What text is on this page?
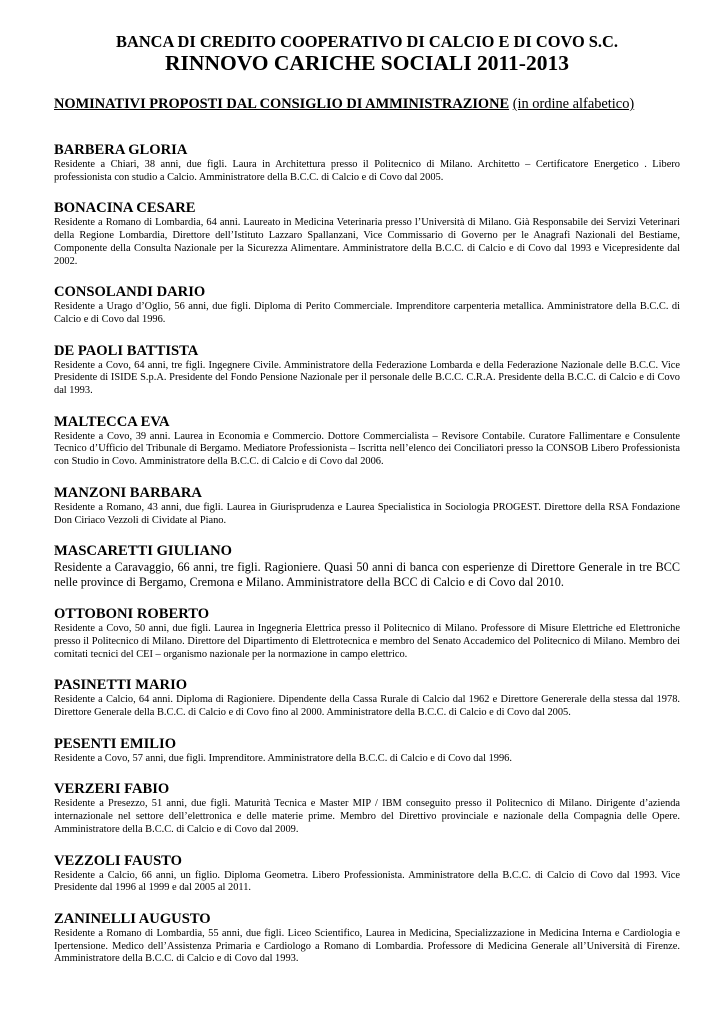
BANCA DI CREDITO COOPERATIVO DI CALCIO E DI COVO S.C.
RINNOVO CARICHE SOCIALI 2011-2013
NOMINATIVI PROPOSTI DAL CONSIGLIO DI AMMINISTRAZIONE (in ordine alfabetico)
BARBERA GLORIA

Residente a Chiari, 38 anni, due figli. Laura in Architettura presso il Politecnico di Milano. Architetto – Certificatore Energetico . Libero professionista con studio a Calcio. Amministratore della B.C.C. di Calcio e di Covo dal 2005.

BONACINA CESARE

Residente a Romano di Lombardia, 64 anni. Laureato in Medicina Veterinaria presso l’Università di Milano. Già Responsabile dei Servizi Veterinari della Regione Lombardia, Direttore dell’Istituto Lazzaro Spallanzani, Vice Commissario di Governo per le Anagrafi Nazionali del Bestiame, Componente della Consulta Nazionale per la Sicurezza Alimentare. Amministratore della B.C.C. di Calcio e di Covo dal 1993 e Vicepresidente dal 2002.

CONSOLANDI DARIO

Residente a Urago d’Oglio, 56 anni, due figli. Diploma di Perito Commerciale. Imprenditore carpenteria metallica. Amministratore della B.C.C. di Calcio e di Covo dal 1996.

DE PAOLI BATTISTA

Residente a Covo, 64 anni, tre figli. Ingegnere Civile. Amministratore della Federazione Lombarda e della Federazione Nazionale delle B.C.C. Vice Presidente di ISIDE S.p.A. Presidente del Fondo Pensione Nazionale per il personale delle B.C.C. C.R.A. Presidente della B.C.C. di Calcio e di Covo dal 1993.

MALTECCA EVA

Residente a Covo, 39 anni. Laurea in Economia e Commercio. Dottore Commercialista – Revisore Contabile. Curatore Fallimentare e Consulente Tecnico d’Ufficio del Tribunale di Bergamo. Mediatore Professionista – Iscritta nell’elenco dei Conciliatori presso la CONSOB Libero Professionista con Studio in Covo. Amministratore della B.C.C. di Calcio e di Covo dal 2006.

MANZONI BARBARA

Residente a Romano, 43 anni, due figli. Laurea in Giurisprudenza e Laurea Specialistica in Sociologia PROGEST. Direttore della RSA Fondazione Don Ciriaco Vezzoli di Cividate al Piano.

MASCARETTI GIULIANO

Residente a Caravaggio, 66 anni, tre figli. Ragioniere. Quasi 50 anni di banca con esperienze di Direttore Generale in tre BCC nelle province di Bergamo, Cremona e Milano. Amministratore della BCC di Calcio e di Covo dal 2010.

OTTOBONI ROBERTO

Residente a Covo, 50 anni, due figli. Laurea in Ingegneria Elettrica presso il Politecnico di Milano. Professore di Misure Elettriche ed Elettroniche presso il Politecnico di Milano. Direttore del Dipartimento di Elettrotecnica e membro del Senato Accademico del Politecnico di Milano. Membro dei comitati tecnici del CEI – organismo nazionale per la normazione in campo elettrico.

PASINETTI MARIO

Residente a Calcio, 64 anni. Diploma di Ragioniere. Dipendente della Cassa Rurale di Calcio dal 1962 e Direttore Genererale della stessa dal 1978. Direttore Generale della B.C.C. di Calcio e di Covo fino al 2000. Amministratore della B.C.C. di Calcio e di Covo dal 2005.

PESENTI EMILIO

Residente a Covo, 57 anni, due figli. Imprenditore. Amministratore della B.C.C. di Calcio e di Covo dal 1996.

VERZERI FABIO

Residente a Presezzo, 51 anni, due figli. Maturità Tecnica e Master MIP / IBM conseguito presso il Politecnico di Milano. Dirigente d’azienda internazionale nel settore dell’elettronica e delle materie prime. Membro del Direttivo provinciale e nazionale della Compagnia delle Opere. Amministratore della B.C.C. di Calcio e di Covo dal 2009.

VEZZOLI FAUSTO

Residente a Calcio, 66 anni, un figlio. Diploma Geometra. Libero Professionista. Amministratore della B.C.C. di Calcio di Covo dal 1993. Vice Presidente dal 1996 al 1999 e dal 2005 al 2011.

ZANINELLI AUGUSTO

Residente a Romano di Lombardia, 55 anni, due figli. Liceo Scientifico, Laurea in Medicina, Specializzazione in Medicina Interna e Cardiologia e Ipertensione. Medico dell’Assistenza Primaria e Cardiologo a Romano di Lombardia. Professore di Medicina Generale all’Università di Firenze. Amministratore della B.C.C. di Calcio e di Covo dal 1993.
